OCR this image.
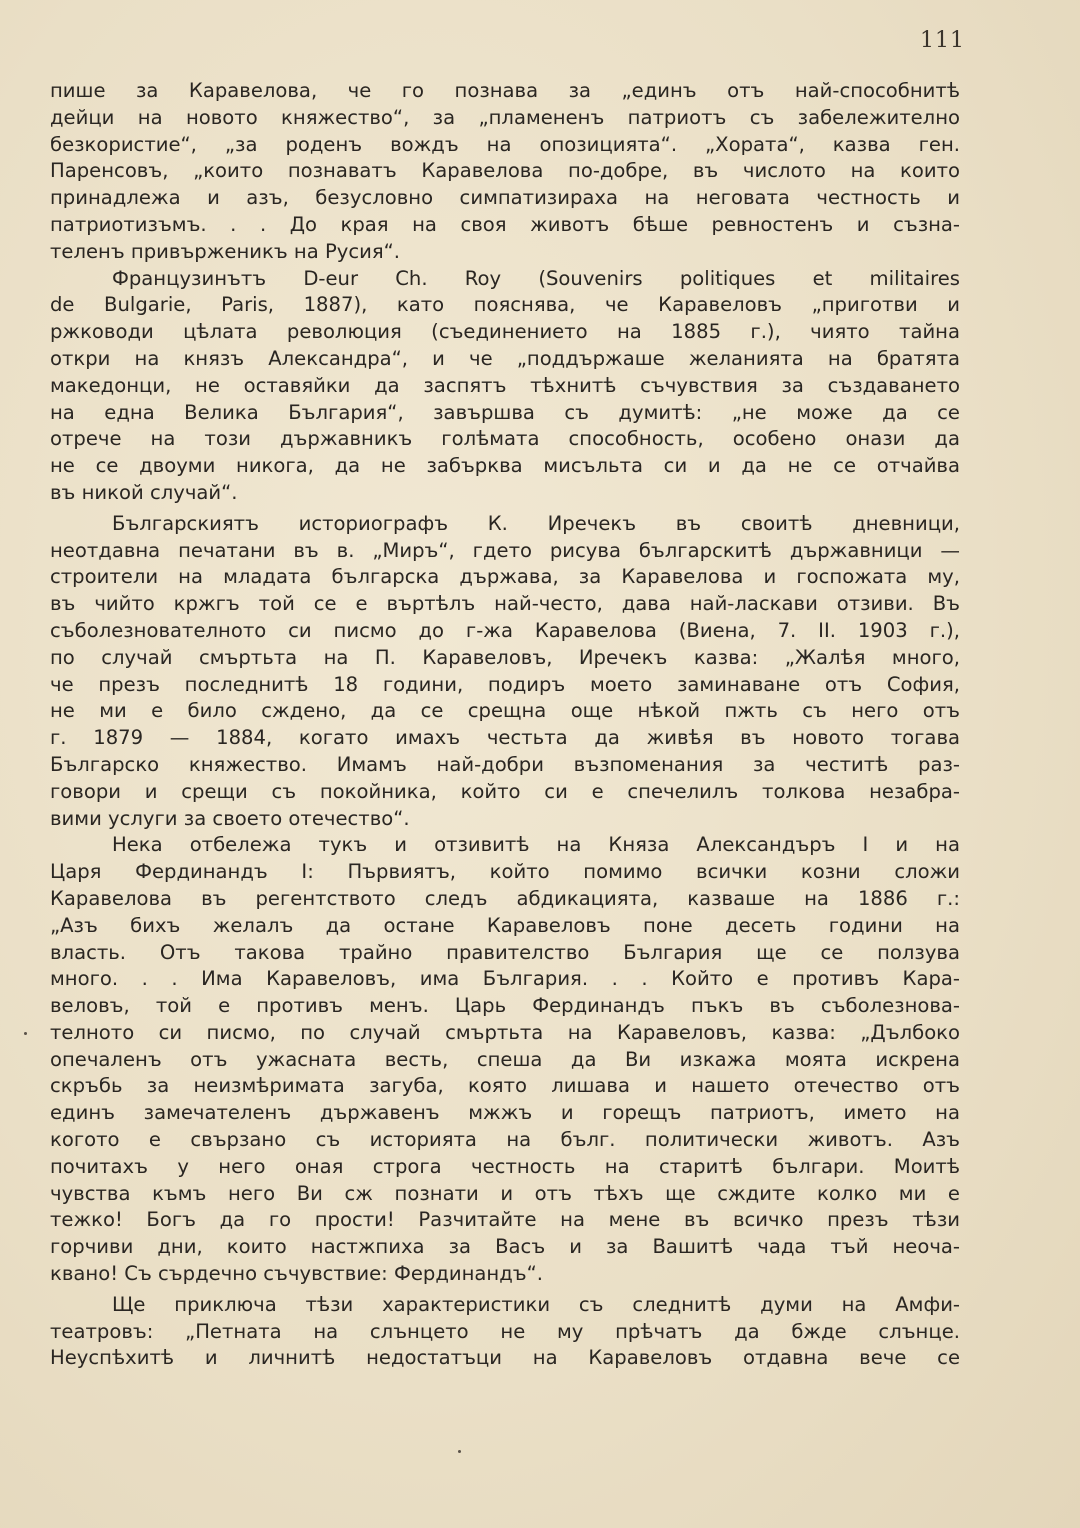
111
пише за Каравелова, че го познава за „единъ отъ най-способнитѣ
дейци на новото княжество“, за „пламененъ патриотъ съ забележително
безкористие“, „за роденъ вождъ на опозицията“. „Хората“, казва ген.
Паренсовъ, „които познаватъ Каравелова по-добре, въ числото на които
принадлежа и азъ, безусловно симпатизираха на неговата честность и
патриотизъмъ. . . До края на своя животъ бѣше ревностенъ и съзна-
теленъ привърженикъ на Русия“.
Французинътъ D-eur Ch. Roy (Souvenirs politiques et militaires
de Bulgarie, Paris, 1887), като пояснява, че Каравеловъ „приготви и
ржководи цѣлата революция (съединението на 1885 г.), чиято тайна
откри на князъ Александра“, и че „поддържаше желанията на братята
македонци, не оставяйки да заспятъ тѣхнитѣ съчувствия за създаването
на една Велика България“, завършва съ думитѣ: „не може да се
отрече на този държавникъ голѣмата способность, особено онази да
не се двоуми никога, да не забърква мисъльта си и да не се отчайва
въ никой случай“.
Българскиятъ историографъ К. Иречекъ въ своитѣ дневници,
неотдавна печатани въ в. „Миръ“, гдето рисува българскитѣ държавници —
строители на младата българска държава, за Каравелова и госпожата му,
въ чийто кржгъ той се е въртѣлъ най-често, дава най-ласкави отзиви. Въ
съболезнователното си писмо до г-жа Каравелова (Виена, 7. II. 1903 г.),
по случай смъртьта на П. Каравеловъ, Иречекъ казва: „Жалѣя много,
че презъ последнитѣ 18 години, подиръ моето заминаване отъ София,
не ми е било сждено, да се срещна още нѣкой пжть съ него отъ
г. 1879 — 1884, когато имахъ честьта да живѣя въ новото тогава
Българско княжество. Имамъ най-добри възпоменания за честитѣ раз-
говори и срещи съ покойника, който си е спечелилъ толкова незабра-
вими услуги за своето отечество“.
Нека отбележа тукъ и отзивитѣ на Княза Александъръ I и на
Царя Фердинандъ I: Първиятъ, който помимо всички козни сложи
Каравелова въ регентството следъ абдикацията, казваше на 1886 г.:
„Азъ бихъ желалъ да остане Каравеловъ поне десеть години на
власть. Отъ такова трайно правителство България ще се ползува
много. . . Има Каравеловъ, има България. . . Който е противъ Кара-
веловъ, той е противъ менъ. Царь Фердинандъ пъкъ въ съболезнова-
телното си писмо, по случай смъртьта на Каравеловъ, казва: „Дълбоко
опечаленъ отъ ужасната весть, спеша да Ви изкажа моята искрена
скръбь за неизмѣримата загуба, която лишава и нашето отечество отъ
единъ замечателенъ държавенъ мжжъ и горещъ патриотъ, името на
когото е свързано съ историята на бълг. политически животъ. Азъ
почитахъ у него оная строга честность на старитѣ българи. Моитѣ
чувства къмъ него Ви сж познати и отъ тѣхъ ще сждите колко ми е
тежко! Богъ да го прости! Разчитайте на мене въ всичко презъ тѣзи
горчиви дни, които настжпиха за Васъ и за Вашитѣ чада тъй неоча-
квано! Съ сърдечно съчувствие: Фердинандъ“.
Ще приключа тѣзи характеристики съ следнитѣ думи на Амфи-
театровъ: „Петната на слънцето не му прѣчатъ да бжде слънце.
Неуспѣхитѣ и личнитѣ недостатъци на Каравеловъ отдавна вече се
